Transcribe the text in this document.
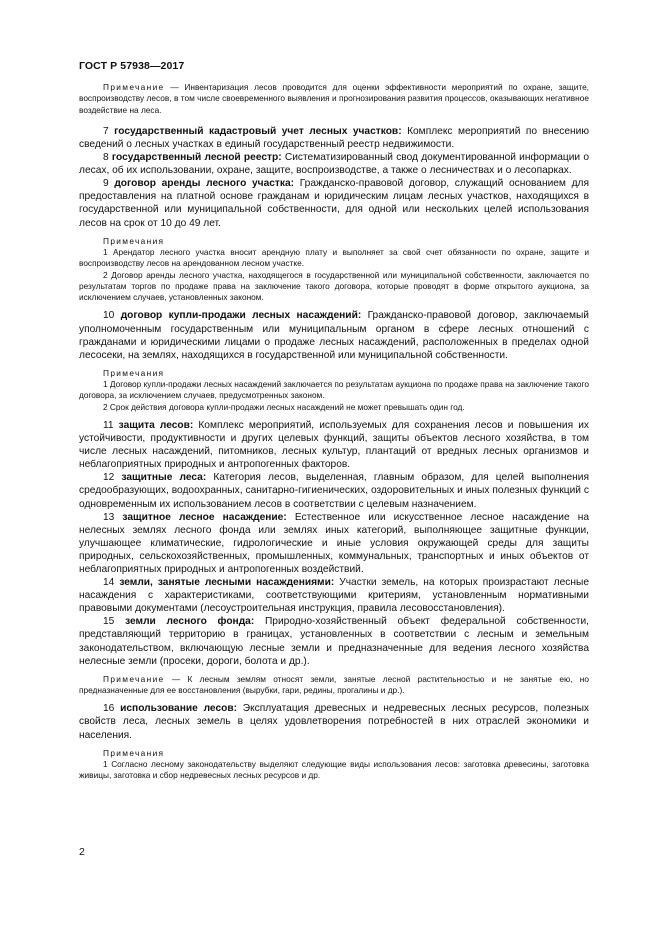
ГОСТ Р 57938—2017

Примечание — Инвентаризация лесов проводится для оценки эффективности мероприятий по охране, защите, воспроизводству лесов, в том числе своевременного выявления и прогнозирования развития процессов, оказывающих негативное воздействие на леса.

7 государственный кадастровый учет лесных участков: Комплекс мероприятий по внесению сведений о лесных участках в единый государственный реестр недвижимости.

8 государственный лесной реестр: Систематизированный свод документированной информации о лесах, об их использовании, охране, защите, воспроизводстве, а также о лесничествах и о лесопарках.

9 договор аренды лесного участка: Гражданско-правовой договор, служащий основанием для предоставления на платной основе гражданам и юридическим лицам лесных участков, находящихся в государственной или муниципальной собственности, для одной или нескольких целей использования лесов на срок от 10 до 49 лет.

Примечания

1 Арендатор лесного участка вносит арендную плату и выполняет за свой счет обязанности по охране, защите и воспроизводству лесов на арендованном лесном участке.

2 Договор аренды лесного участка, находящегося в государственной или муниципальной собственности, заключается по результатам торгов по продаже права на заключение такого договора, которые проводят в форме открытого аукциона, за исключением случаев, установленных законом.

10 договор купли-продажи лесных насаждений: Гражданско-правовой договор, заключаемый уполномоченным государственным или муниципальным органом в сфере лесных отношений с гражданами и юридическими лицами о продаже лесных насаждений, расположенных в пределах одной лесосеки, на землях, находящихся в государственной или муниципальной собственности.

Примечания

1 Договор купли-продажи лесных насаждений заключается по результатам аукциона по продаже права на заключение такого договора, за исключением случаев, предусмотренных законом.

2 Срок действия договора купли-продажи лесных насаждений не может превышать один год.

11 защита лесов: Комплекс мероприятий, используемых для сохранения лесов и повышения их устойчивости, продуктивности и других целевых функций, защиты объектов лесного хозяйства, в том числе лесных насаждений, питомников, лесных культур, плантаций от вредных лесных организмов и неблагоприятных природных и антропогенных факторов.

12 защитные леса: Категория лесов, выделенная, главным образом, для целей выполнения средообразующих, водоохранных, санитарно-гигиенических, оздоровительных и иных полезных функций с одновременным их использованием лесов в соответствии с целевым назначением.

13 защитное лесное насаждение: Естественное или искусственное лесное насаждение на нелесных землях лесного фонда или землях иных категорий, выполняющее защитные функции, улучшающее климатические, гидрологические и иные условия окружающей среды для защиты природных, сельскохозяйственных, промышленных, коммунальных, транспортных и иных объектов от неблагоприятных природных и антропогенных воздействий.

14 земли, занятые лесными насаждениями: Участки земель, на которых произрастают лесные насаждения с характеристиками, соответствующими критериям, установленным нормативными правовыми документами (лесоустроительная инструкция, правила лесовосстановления).

15 земли лесного фонда: Природно-хозяйственный объект федеральной собственности, представляющий территорию в границах, установленных в соответствии с лесным и земельным законодательством, включающую лесные земли и предназначенные для ведения лесного хозяйства нелесные земли (просеки, дороги, болота и др.).

Примечание — К лесным землям относят земли, занятые лесной растительностью и не занятые ею, но предназначенные для ее восстановления (вырубки, гари, редины, прогалины и др.).

16 использование лесов: Эксплуатация древесных и недревесных лесных ресурсов, полезных свойств леса, лесных земель в целях удовлетворения потребностей в них отраслей экономики и населения.

Примечания

1 Согласно лесному законодательству выделяют следующие виды использования лесов: заготовка древесины, заготовка живицы, заготовка и сбор недревесных лесных ресурсов и др.

2
